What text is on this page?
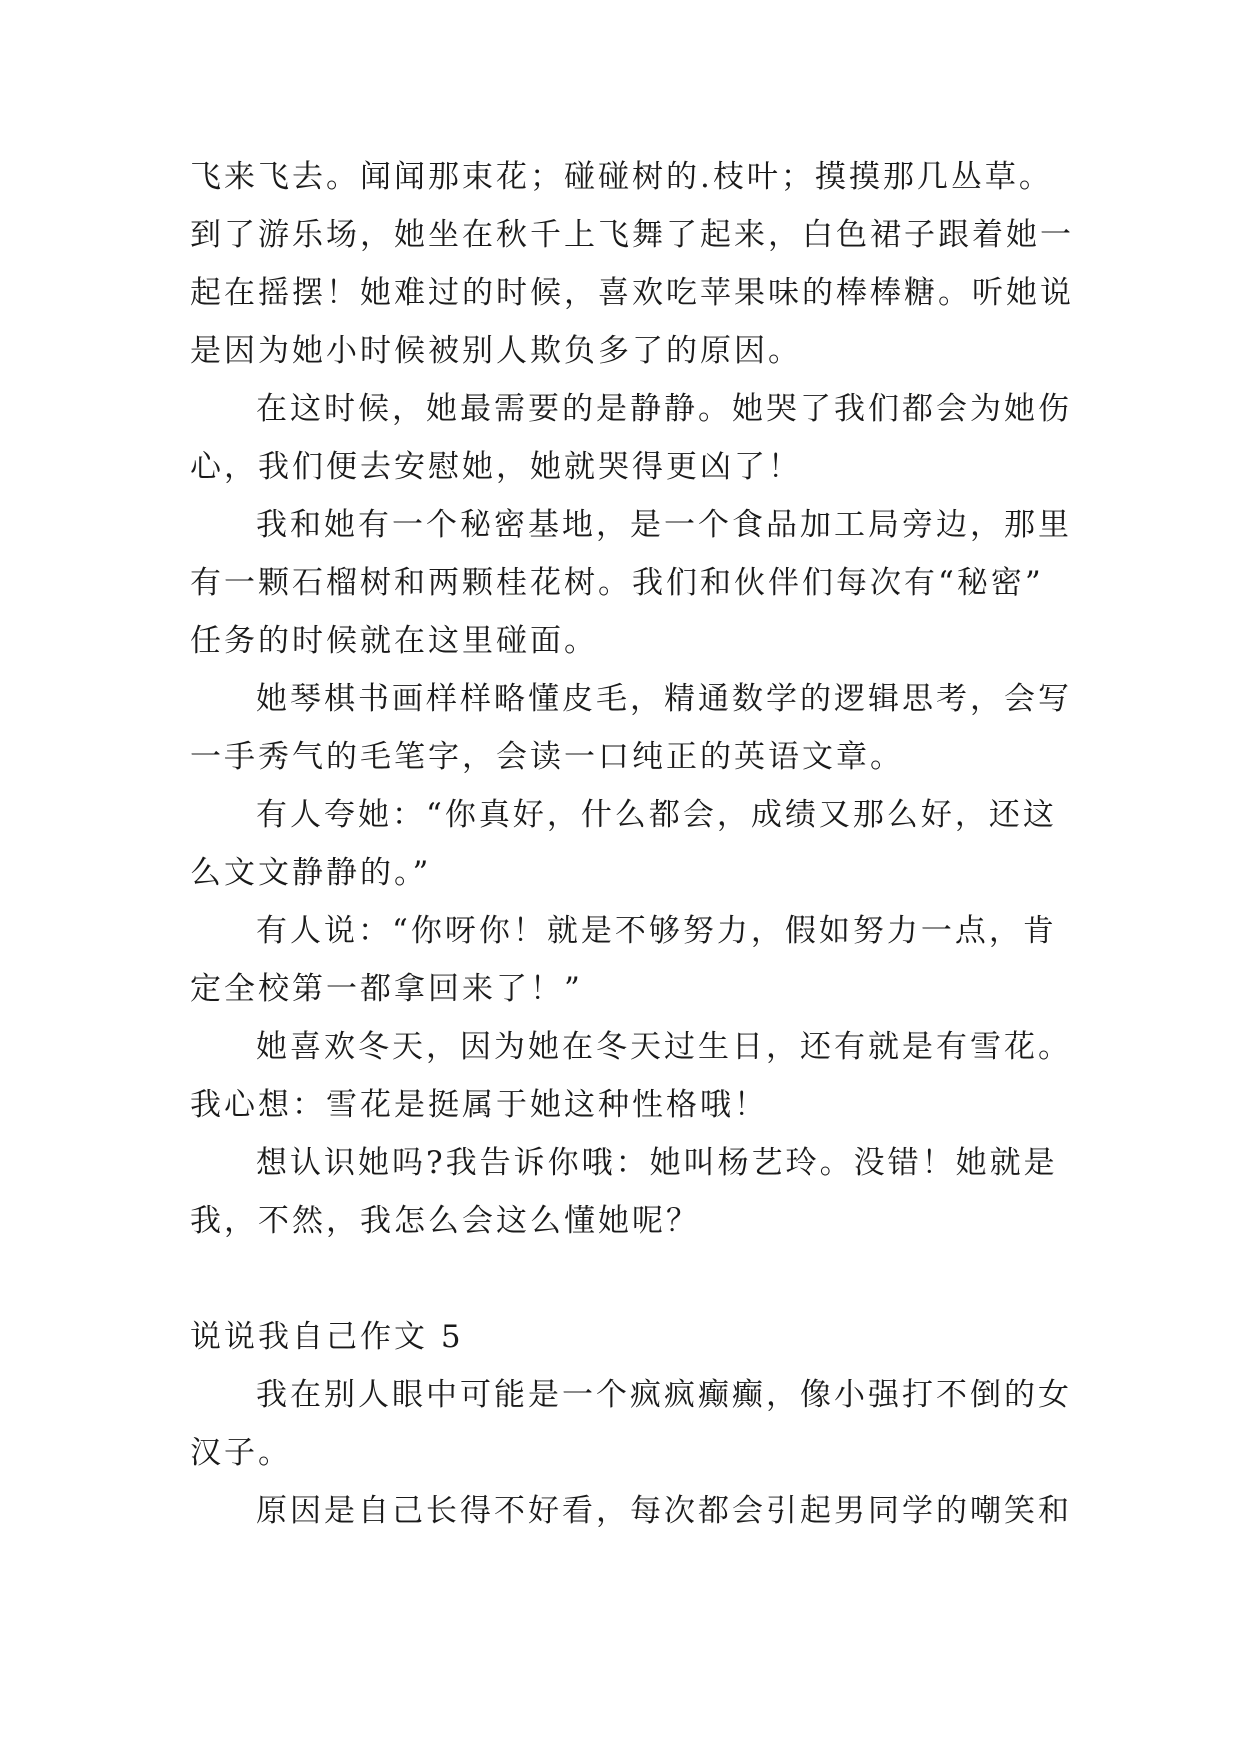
飞来飞去。闻闻那束花；碰碰树的.枝叶；摸摸那几丛草。
到了游乐场，她坐在秋千上飞舞了起来，白色裙子跟着她一
起在摇摆！她难过的时候，喜欢吃苹果味的棒棒糖。听她说
是因为她小时候被别人欺负多了的原因。
在这时候，她最需要的是静静。她哭了我们都会为她伤
心，我们便去安慰她，她就哭得更凶了！
我和她有一个秘密基地，是一个食品加工局旁边，那里
有一颗石榴树和两颗桂花树。我们和伙伴们每次有“秘密”
任务的时候就在这里碰面。
她琴棋书画样样略懂皮毛，精通数学的逻辑思考，会写
一手秀气的毛笔字，会读一口纯正的英语文章。
有人夸她：“你真好，什么都会，成绩又那么好，还这
么文文静静的。”
有人说：“你呀你！就是不够努力，假如努力一点，肯
定全校第一都拿回来了！”
她喜欢冬天，因为她在冬天过生日，还有就是有雪花。
我心想：雪花是挺属于她这种性格哦！
想认识她吗?我告诉你哦：她叫杨艺玲。没错！她就是
我，不然，我怎么会这么懂她呢？
说说我自己作文 5
我在别人眼中可能是一个疯疯癫癫，像小强打不倒的女
汉子。
原因是自己长得不好看，每次都会引起男同学的嘲笑和
